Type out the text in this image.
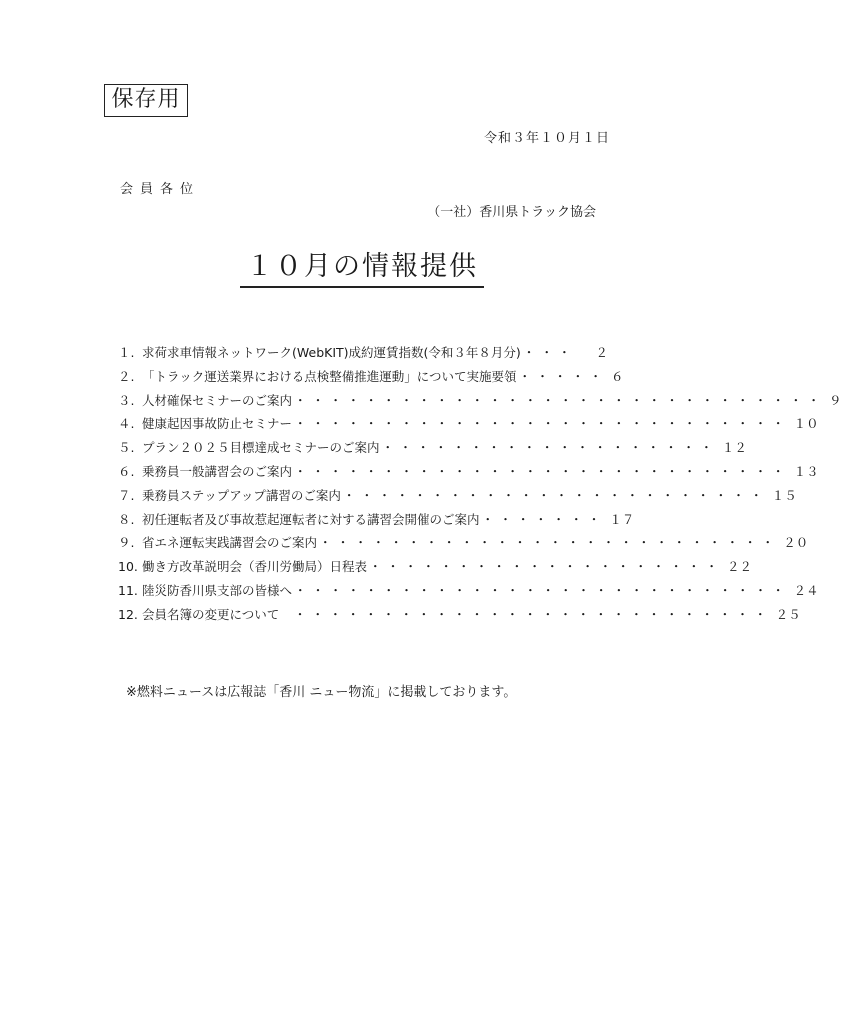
保存用
令和３年１０月１日
会員各位
（一社）香川県トラック協会
１０月の情報提供
１. 求荷求車情報ネットワーク(WebKIT)成約運賃指数(令和３年８月分) ・・・	２
２. 「トラック運送業界における点検整備推進運動」について実施要領 ・・・・・ ６
３. 人材確保セミナーのご案内 ・・・・・・・・・・・・・・・・・・・・・・・・・・・・・・ ９
４. 健康起因事故防止セミナー ・・・・・・・・・・・・・・・・・・・・・・・・・・・・ １０
５. プラン２０２５目標達成セミナーのご案内 ・・・・・・・・・・・・・・・・・・・ １２
６. 乗務員一般講習会のご案内 ・・・・・・・・・・・・・・・・・・・・・・・・・・・・ １３
７. 乗務員ステップアップ講習のご案内 ・・・・・・・・・・・・・・・・・・・・・・・・ １５
８. 初任運転者及び事故惹起運転者に対する講習会開催のご案内 ・・・・・・・ １７
９. 省エネ運転実践講習会のご案内 ・・・・・・・・・・・・・・・・・・・・・・・・・・ ２０
10. 働き方改革説明会（香川労働局）日程表 ・・・・・・・・・・・・・・・・・・・・ ２２
11. 陸災防香川県支部の皆様へ ・・・・・・・・・・・・・・・・・・・・・・・・・・・・ ２４
12. 会員名簿の変更について　 ・・・・・・・・・・・・・・・・・・・・・・・・・・・ ２５
※燃料ニュースは広報誌「香川 ニュー物流」に掲載しております。
